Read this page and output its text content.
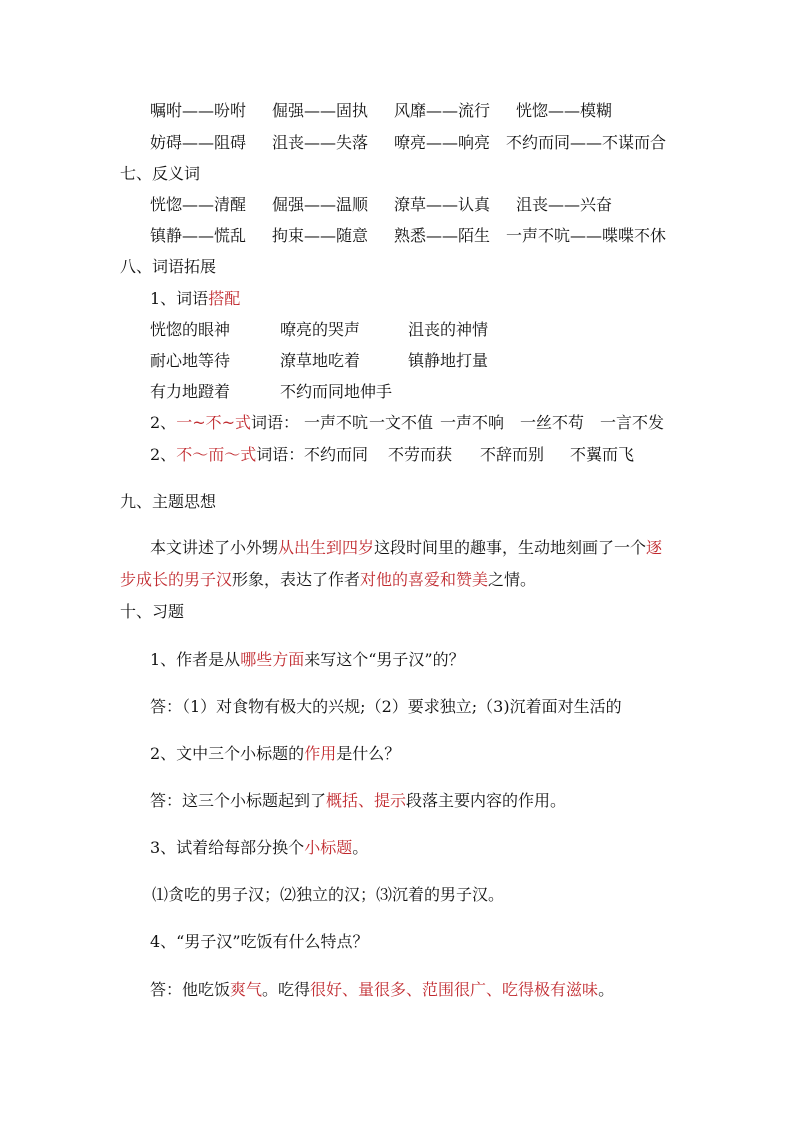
嘱咐——吩咐 倔强——固执 风靡——流行 恍惚——模糊
妨碍——阻碍 沮丧——失落 嘹亮——响亮 不约而同——不谋而合
七、反义词
恍惚——清醒 倔强——温顺 潦草——认真 沮丧——兴奋
镇静——慌乱 拘束——随意 熟悉——陌生 一声不吭——喋喋不休
八、词语拓展
1、词语搭配
恍惚的眼神	嘹亮的哭声	沮丧的神情
耐心地等待	潦草地吃着	镇静地打量
有力地蹬着	不约而同地伸手
2、一~不~式词语： 一声不吭 一文不值 一声不响 一丝不苟 一言不发
2、不～而～式词语： 不约而同 不劳而获 不辞而别 不翼而飞
九、主题思想
本文讲述了小外甥从出生到四岁这段时间里的趣事，生动地刻画了一个逐
步成长的男子汉形象，表达了作者对他的喜爱和赞美之情。
十、习题
1、作者是从哪些方面来写这个“男子汉”的？
答：（1）对食物有极大的兴规;（2）要求独立;（3)沉着面对生活的
2、文中三个小标题的作用是什么？
答：这三个小标题起到了概括、提示段落主要内容的作用。
3、试着给每部分换个小标题。
⑴贪吃的男子汉；⑵独立的汉；⑶沉着的男子汉。
4、“男子汉”吃饭有什么特点？
答：他吃饭爽气。吃得很好、量很多、范围很广、吃得极有滋味。
